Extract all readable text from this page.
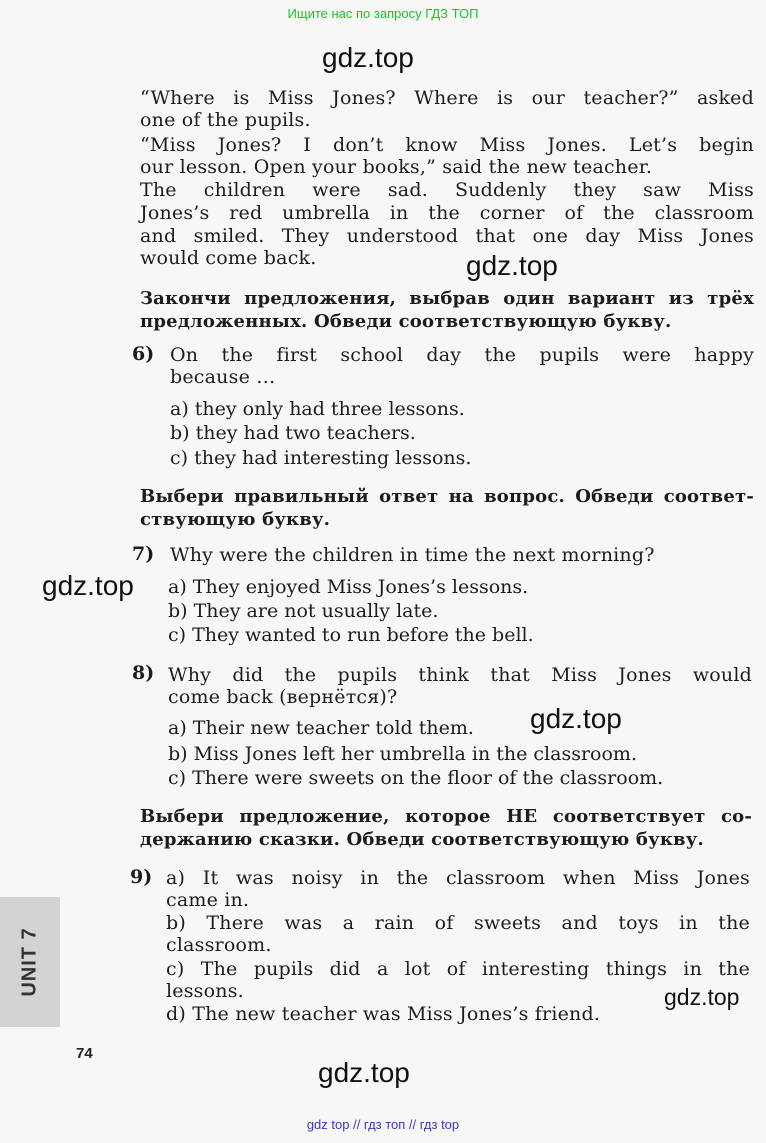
Ищите нас по запросу ГДЗ ТОП
gdz.top
“Where is Miss Jones? Where is our teacher?” asked
one of the pupils.
“Miss Jones? I don’t know Miss Jones. Let’s begin
our lesson. Open your books,” said the new teacher.
The children were sad. Suddenly they saw Miss
Jones’s red umbrella in the corner of the classroom
and smiled. They understood that one day Miss Jones
would come back.	gdz.top
Закончи предложения, выбрав один вариант из трёх
предложенных. Обведи соответствующую букву.
6) On the first school day the pupils were happy
because …
a) they only had three lessons.
b) they had two teachers.
c) they had interesting lessons.
Выбери правильный ответ на вопрос. Обведи соответ-
ствующую букву.
7) Why were the children in time the next morning?
gdz.top a) They enjoyed Miss Jones’s lessons.
b) They are not usually late.
c) They wanted to run before the bell.
8) Why did the pupils think that Miss Jones would
come back (вернётся)?
a) Their new teacher told them. gdz.top
b) Miss Jones left her umbrella in the classroom.
c) There were sweets on the floor of the classroom.
Выбери предложение, которое НЕ соответствует со-
держанию сказки. Обведи соответствующую букву.
9) a) It was noisy in the classroom when Miss Jones
came in.
b) There was a rain of sweets and toys in the
classroom.
c) The pupils did a lot of interesting things in the
lessons.	gdz.top
d) The new teacher was Miss Jones’s friend.
UNIT 7
74
gdz.top
gdz top // гдз топ // гдз top
